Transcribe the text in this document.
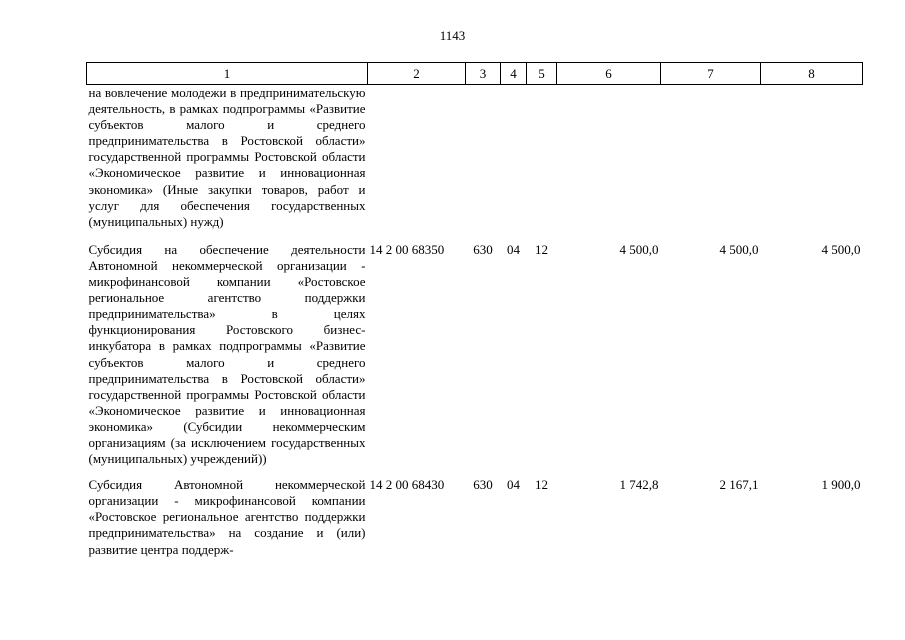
1143
1	2	3	4	5	6	7	8
на вовлечение молодежи в предпринимательскую деятельность, в рамках подпрограммы «Развитие субъектов малого и среднего предпринимательства в Ростовской области» государственной программы Ростовской области «Экономическое развитие и инновационная экономика» (Иные закупки товаров, работ и услуг для обеспечения государственных (муниципальных) нужд)							
Субсидия на обеспечение деятельности Автономной некоммерческой организации - микрофинансовой компании «Ростовское региональное агентство поддержки предпринимательства» в целях функционирования Ростовского бизнес-инкубатора в рамках подпрограммы «Развитие субъектов малого и среднего предпринимательства в Ростовской области» государственной программы Ростовской области «Экономическое развитие и инновационная экономика» (Субсидии некоммерческим организациям (за исключением государственных (муниципальных) учреждений))	14 2 00 68350	630	04	12	4 500,0	4 500,0	4 500,0
Субсидия Автономной некоммерческой организации - микрофинансовой компании «Ростовское региональное агентство поддержки предпринимательства» на создание и (или) развитие центра поддерж-	14 2 00 68430	630	04	12	1 742,8	2 167,1	1 900,0
